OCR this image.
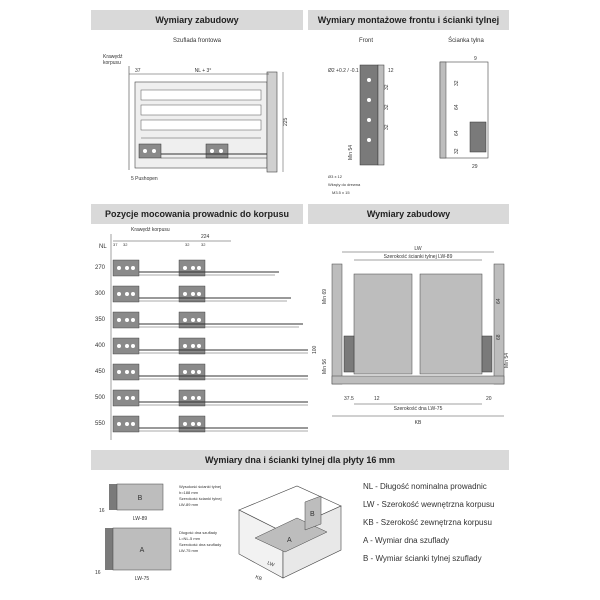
Wymiary zabudowy
Szuflada frontowa
Krawędź
korpusu
37	NL + 3°
225
5 Pushopen
Wymiary montażowe frontu i ścianki tylnej
Front	Ścianka tylna
Ø2 +0.2 / -0.1	12
32
32
32
Min 54
Ø3 x 12
Wkręty do drewna
M3.5 x 15
9
32
64
64
32
29
Pozycje mocowania prowadnic do korpusu
Krawędź korpusu
NL
224
37 32	32	32
270
300
350
400
450
500
550
Wymiary zabudowy
LW
Szerokość ścianki tylnej LW-89
Min 69
Min 56
100
64
68
Min 54
37.5	12	20
Szerokość dna LW-75
KB
Wymiary dna i ścianki tylnej dla płyty 16 mm
B
16
LW-89
Wysokość ścianki tylnej
h=188 mm
Szerokość ścianki tylnej
LW-89 mm
A
16
LW-75
Długość dna szuflady
L=NL-5 mm
Szerokość dna szuflady
LW-75 mm
B
A
LW
KB
NL - Długość nominalna prowadnic
LW - Szerokość wewnętrzna korpusu
KB - Szerokość zewnętrzna korpusu
A - Wymiar dna szuflady
B - Wymiar ścianki tylnej szuflady
